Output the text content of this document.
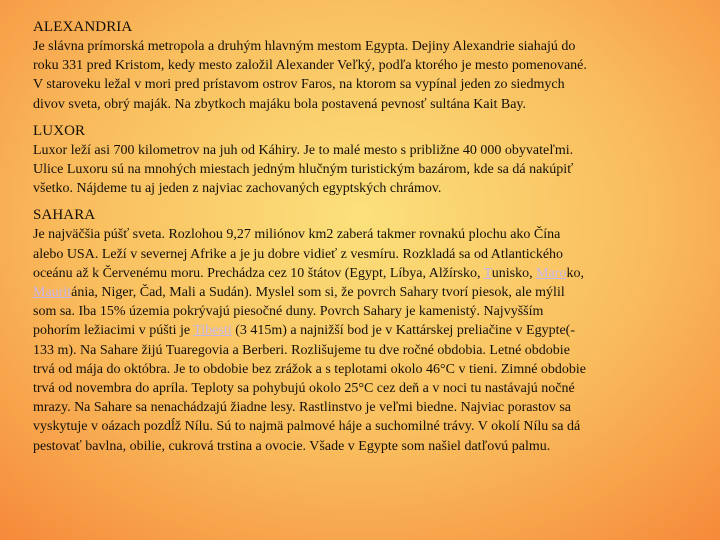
ALEXANDRIA
Je slávna prímorská metropola a druhým hlavným mestom Egypta. Dejiny Alexandrie siahajú do
roku 331 pred Kristom, kedy mesto založil Alexander Veľký, podľa ktorého je mesto pomenované.
V staroveku ležal v mori pred prístavom ostrov Faros, na ktorom sa vypínal jeden zo siedmych
divov sveta, obrý maják. Na zbytkoch majáku bola postavená pevnosť sultána Kait Bay.
LUXOR
Luxor leží asi 700 kilometrov na juh od Káhiry. Je to malé mesto s približne 40 000 obyvateľmi.
Ulice Luxoru sú na mnohých miestach jedným hlučným turistickým bazárom, kde sa dá nakúpiť
všetko. Nájdeme tu aj jeden z najviac zachovaných egyptských chrámov.
SAHARA
Je najväčšia púšť sveta. Rozlohou 9,27 miliónov km2 zaberá takmer rovnakú plochu ako Čína
alebo USA. Leží v severnej Afrike a je ju dobre vidieť z vesmíru. Rozkladá sa od Atlantického
oceánu až k Červenému moru. Prechádza cez 10 štátov (Egypt, Líbya, Alžírsko, Tunisko, Maroko,
Mauritánia, Niger, Čad, Mali a Sudán). Myslel som si, že povrch Sahary tvorí piesok, ale mýlil
som sa. Iba 15% územia pokrývajú piesočné duny. Povrch Sahary je kamenistý. Najvyšším
pohorím ležiacimi v púšti je Tibesti (3 415m) a najnižší bod je v Kattárskej preliačine v Egypte(-
133 m). Na Sahare žijú Tuaregovia a Berberi. Rozlišujeme tu dve ročné obdobia. Letné obdobie
trvá od mája do októbra. Je to obdobie bez zrážok a s teplotami okolo 46°C v tieni. Zimné obdobie
trvá od novembra do apríla. Teploty sa pohybujú okolo 25°C cez deň a v noci tu nastávajú nočné
mrazy. Na Sahare sa nenachádzajú žiadne lesy. Rastlinstvo je veľmi biedne. Najviac porastov sa
vyskytuje v oázach pozdĺž Nílu. Sú to najmä palmové háje a suchomilné trávy. V okolí Nílu sa dá
pestovať bavlna, obilie, cukrová trstina a ovocie. Všade v Egypte som našiel datľovú palmu.
